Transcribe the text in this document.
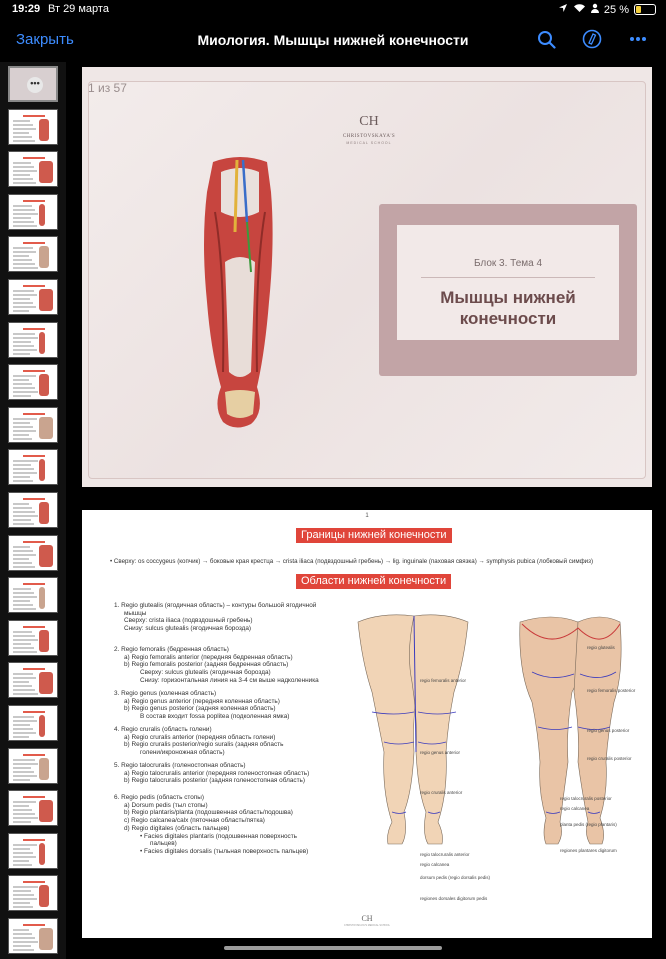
19:29 Вт 29 марта	25 %
Закрыть	Миология. Мышцы нижней конечности
•••
CH
CHRISTOVSKAYA'S
MEDICAL SCHOOL
Блок 3. Тема 4
Мышцы нижней
конечности
1 из 57
1
Границы нижней конечности
• Сверху: os coccygeus (копчик) → боковые края крестца → crista iliaca (подвздошный гребень) → lig. inguinale (паховая связка) → symphysis pubica (лобковый симфиз)
Области нижней конечности
1. Regio glutealis (ягодичная область) – контуры большой ягодичной
мышцы
Сверху: crista iliaca (подвздошный гребень)
Снизу: sulcus glutealis (ягодичная борозда)
2. Regio femoralis (бедренная область)
a) Regio femoralis anterior (передняя бедренная область)
b) Regio femoralis posterior (задняя бедренная область)
Сверху: sulcus glutealis (ягодичная борозда)
Снизу: горизонтальная линия на 3-4 см выше надколенника
3. Regio genus (коленная область)
a) Regio genus anterior (передняя коленная область)
b) Regio genus posterior (задняя коленная область)
В состав входит fossa poplitea (подколенная ямка)
4. Regio cruralis (область голени)
a) Regio cruralis anterior (передняя область голени)
b) Regio cruralis posterior/regio suralis (задняя область
голени/икроножная область)
5. Regio talocruralis (голеностопная область)
a) Regio talocruralis anterior (передняя голеностопная область)
b) Regio talocruralis posterior (задняя голеностопная область)
6. Regio pedis (область стопы)
a) Dorsum pedis (тыл стопы)
b) Regio plantaris/planta (подошвенная область/подошва)
c) Regio calcanea/calx (пяточная область/пятка)
d) Regio digitales (область пальцев)
• Facies digitales plantaris (подошвенная поверхность
пальцев)
• Facies digitales dorsalis (тыльная поверхность пальцев)
regio femoralis anterior
regio genus anterior
regio cruralis anterior
regio talocruralis anterior
regio calcanea
dorsum pedis (regio dorsalis pedis)
regiones dorsales digitorum pedis
regio glutealis
regio femoralis posterior
regio genus posterior
regio cruralis posterior
regio talocruralis posterior
regio calcanea
planta pedis (regio plantaris)
regiones plantares digitorum
CH
CHRISTOVSKAYA'S MEDICAL SCHOOL
